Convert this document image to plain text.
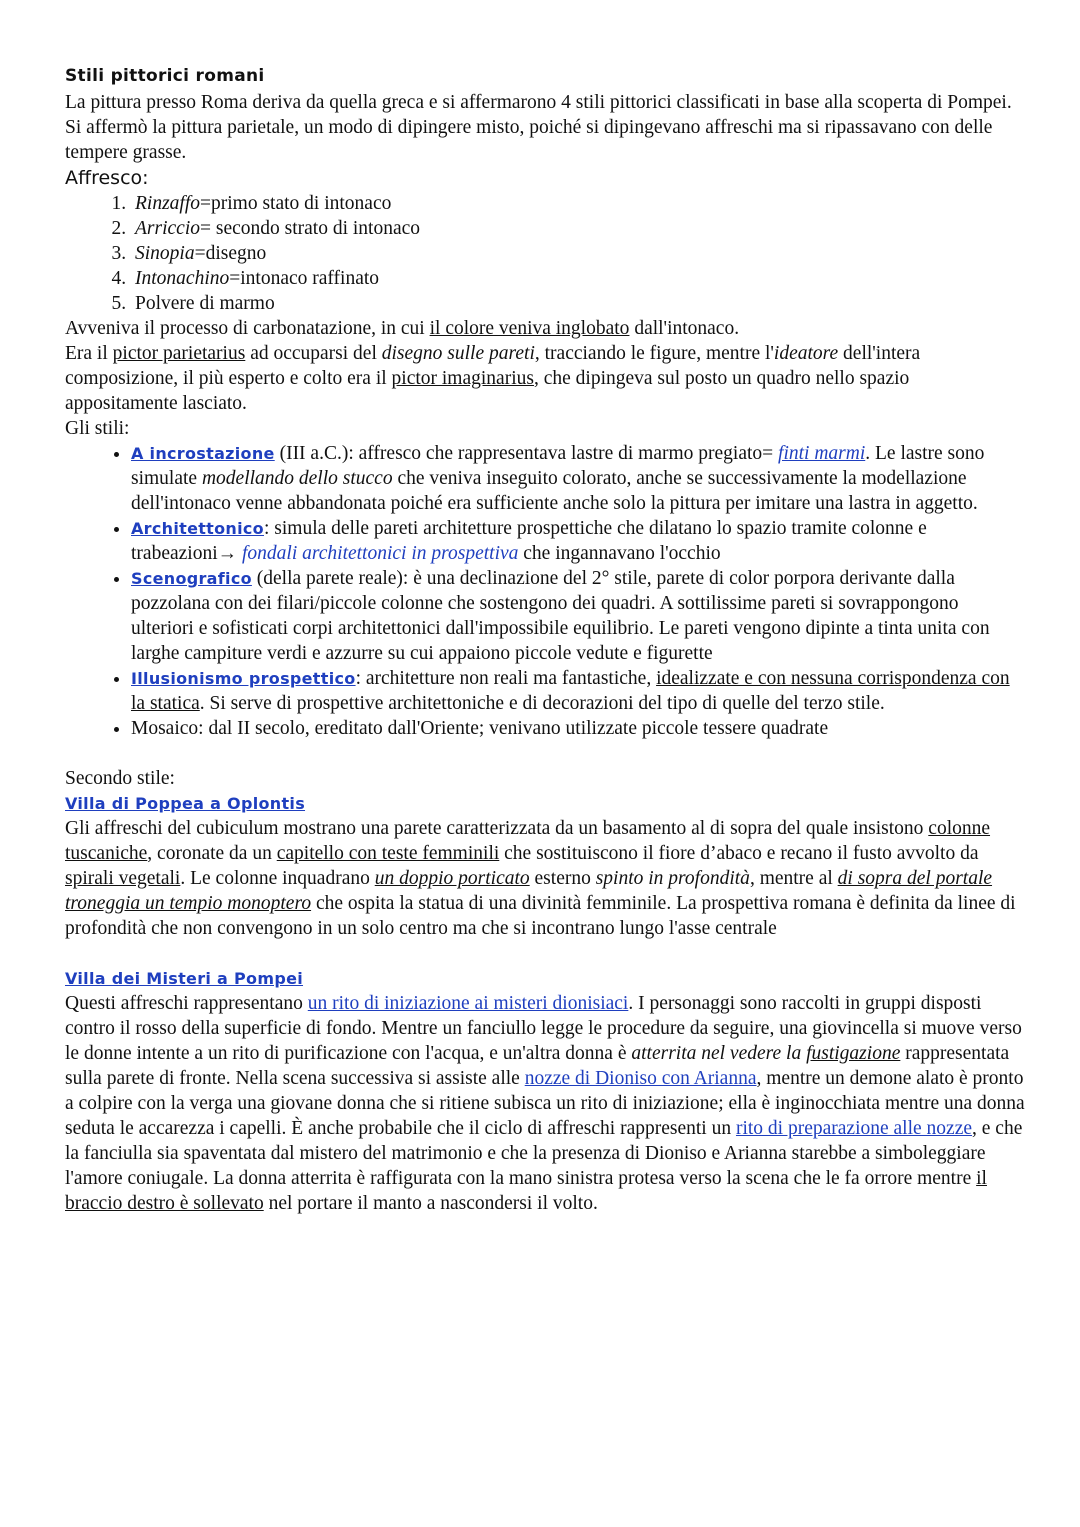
Stili pittorici romani

La pittura presso Roma deriva da quella greca e si affermarono 4 stili pittorici classificati in base alla scoperta di Pompei.

Si affermò la pittura parietale, un modo di dipingere misto, poiché si dipingevano affreschi ma si ripassavano con delle tempere grasse.

Affresco:
1. Rinzaffo=primo stato di intonaco
2. Arriccio= secondo strato di intonaco
3. Sinopia=disegno
4. Intonachino=intonaco raffinato
5. Polvere di marmo

Avveniva il processo di carbonatazione, in cui il colore veniva inglobato dall'intonaco.

Era il pictor parietarius ad occuparsi del disegno sulle pareti, tracciando le figure, mentre l'ideatore dell'intera composizione, il più esperto e colto era il pictor imaginarius, che dipingeva sul posto un quadro nello spazio appositamente lasciato.

Gli stili:

• A incrostazione (III a.C.): affresco che rappresentava lastre di marmo pregiato= finti marmi. Le lastre sono simulate modellando dello stucco che veniva inseguito colorato, anche se successivamente la modellazione dell'intonaco venne abbandonata poiché era sufficiente anche solo la pittura per imitare una lastra in aggetto.
• Architettonico: simula delle pareti architetture prospettiche che dilatano lo spazio tramite colonne e trabeazioni→ fondali architettonici in prospettiva che ingannavano l'occhio
• Scenografico (della parete reale): è una declinazione del 2° stile, parete di color porpora derivante dalla pozzolana con dei filari/piccole colonne che sostengono dei quadri. A sottilissime pareti si sovrappongono ulteriori e sofisticati corpi architettonici dall'impossibile equilibrio. Le pareti vengono dipinte a tinta unita con larghe campiture verdi e azzurre su cui appaiono piccole vedute e figurette
• Illusionismo prospettico: architetture non reali ma fantastiche, idealizzate e con nessuna corrispondenza con la statica. Si serve di prospettive architettoniche e di decorazioni del tipo di quelle del terzo stile.
• Mosaico: dal II secolo, ereditato dall'Oriente; venivano utilizzate piccole tessere quadrate

Secondo stile:

Villa di Poppea a Oplontis

Gli affreschi del cubiculum mostrano una parete caratterizzata da un basamento al di sopra del quale insistono colonne tuscaniche, coronate da un capitello con teste femminili che sostituiscono il fiore d’abaco e recano il fusto avvolto da spirali vegetali. Le colonne inquadrano un doppio porticato esterno spinto in profondità, mentre al di sopra del portale troneggia un tempio monoptero che ospita la statua di una divinità femminile. La prospettiva romana è definita da linee di profondità che non convengono in un solo centro ma che si incontrano lungo l'asse centrale

Villa dei Misteri a Pompei

Questi affreschi rappresentano un rito di iniziazione ai misteri dionisiaci. I personaggi sono raccolti in gruppi disposti contro il rosso della superficie di fondo. Mentre un fanciullo legge le procedure da seguire, una giovincella si muove verso le donne intente a un rito di purificazione con l'acqua, e un'altra donna è atterrita nel vedere la fustigazione rappresentata sulla parete di fronte. Nella scena successiva si assiste alle nozze di Dioniso con Arianna, mentre un demone alato è pronto a colpire con la verga una giovane donna che si ritiene subisca un rito di iniziazione; ella è inginocchiata mentre una donna seduta le accarezza i capelli. È anche probabile che il ciclo di affreschi rappresenti un rito di preparazione alle nozze, e che la fanciulla sia spaventata dal mistero del matrimonio e che la presenza di Dioniso e Arianna starebbe a simboleggiare l'amore coniugale. La donna atterrita è raffigurata con la mano sinistra protesa verso la scena che le fa orrore mentre il braccio destro è sollevato nel portare il manto a nascondersi il volto.
